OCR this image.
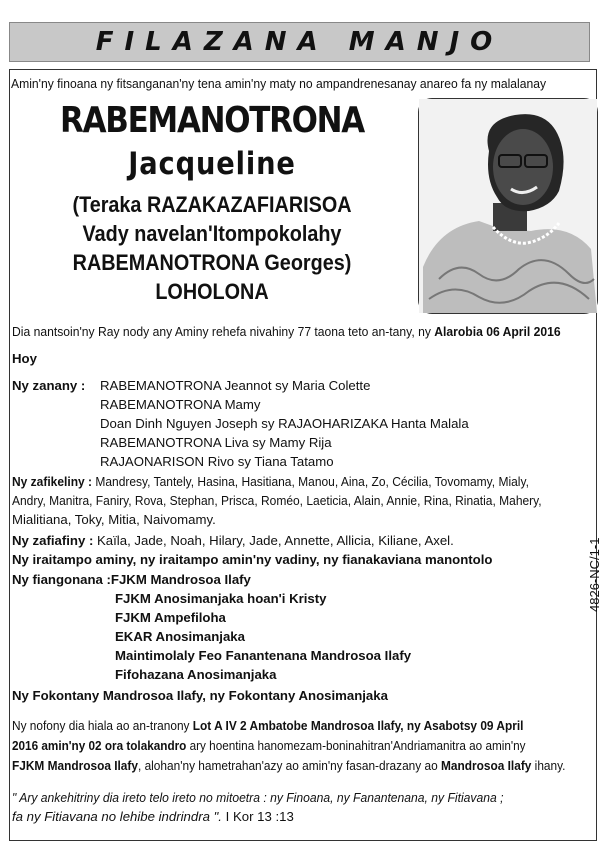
FILAZANA MANJO
Amin'ny finoana ny fitsanganan'ny tena amin'ny maty no ampandrenesanay anareo fa ny malalanay
RABEMANOTRONA
Jacqueline
(Teraka RAZAKAZAFIARISOA
Vady navelan'Itompokolahy
RABEMANOTRONA Georges)
LOHOLONA
Dia nantsoin'ny Ray nody any Aminy rehefa nivahiny 77 taona teto an-tany, ny Alarobia 06 April 2016
Hoy
Ny zanany : RABEMANOTRONA Jeannot sy Maria Colette
RABEMANOTRONA Mamy
Doan Dinh Nguyen Joseph sy RAJAOHARIZAKA Hanta Malala
RABEMANOTRONA Liva sy Mamy Rija
RAJAONARISON Rivo sy Tiana Tatamo
Ny zafikeliny : Mandresy, Tantely, Hasina, Hasitiana, Manou, Aina, Zo, Cécilia, Tovomamy, Mialy,
Andry, Manitra, Faniry, Rova, Stephan, Prisca, Roméo, Laeticia, Alain, Annie, Rina, Rinatia, Mahery,
Mialitiana, Toky, Mitia, Naivomamy.
Ny zafiafiny : Kaïla, Jade, Noah, Hilary, Jade, Annette, Allicia, Kiliane, Axel.
Ny iraitampo aminy, ny iraitampo amin'ny vadiny, ny fianakaviana manontolo
Ny fiangonana :FJKM Mandrosoa Ilafy
FJKM Anosimanjaka hoan'i Kristy
FJKM Ampefiloha
EKAR Anosimanjaka
Maintimolaly Feo Fanantenana Mandrosoa Ilafy
Fifohazana Anosimanjaka
Ny Fokontany Mandrosoa Ilafy, ny Fokontany Anosimanjaka
Ny nofony dia hiala ao an-tranony Lot A IV 2 Ambatobe Mandrosoa Ilafy, ny Asabotsy 09 April
2016 amin'ny 02 ora tolakandro ary hoentina hanomezam-boninahitran'Andriamanitra ao amin'ny
FJKM Mandrosoa Ilafy, alohan'ny hametrahan'azy ao amin'ny fasan-drazany ao Mandrosoa Ilafy ihany.
" Ary ankehitriny dia ireto telo ireto no mitoetra : ny Finoana, ny Fanantenana, ny Fitiavana ;
fa ny Fitiavana no lehibe indrindra ". I Kor 13 :13
4826-NC/1-1
